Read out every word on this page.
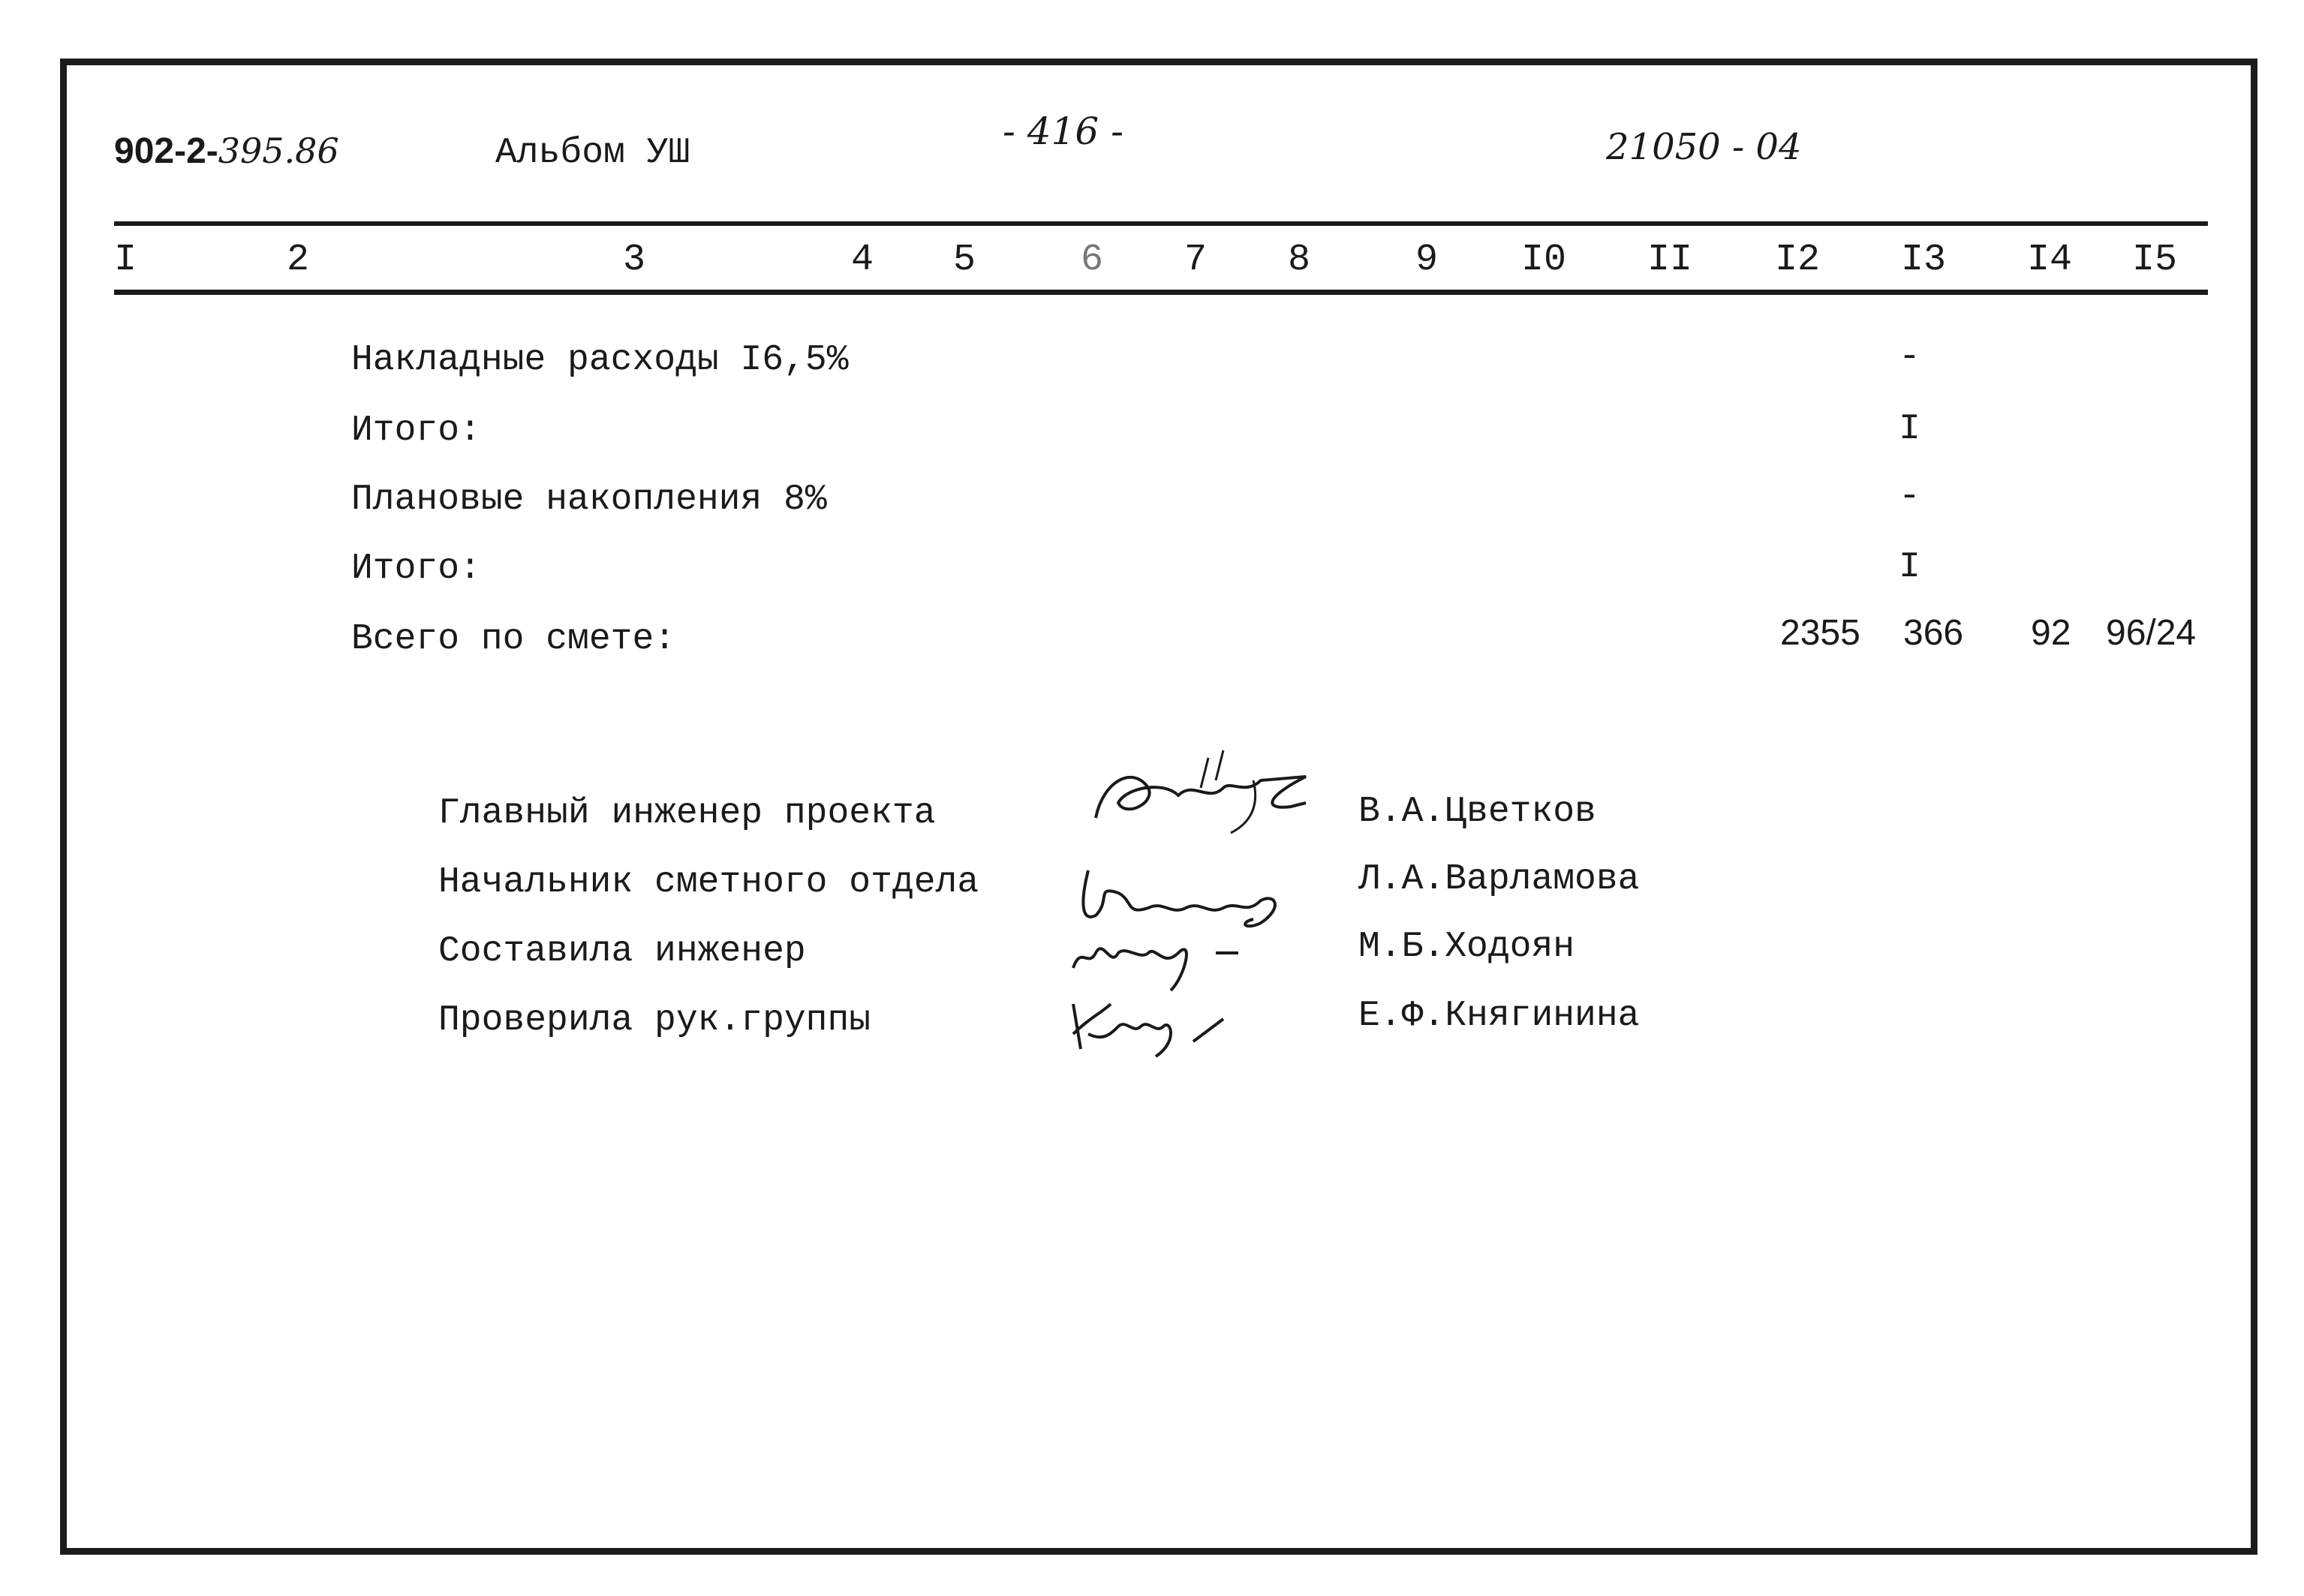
902-2-395.86	Альбом УШ	- 416 -	21050 - 04
I	2	3	4	5	6	7	8	9	I0	II	I2	I3	I4	I5
Накладные расходы I6,5%	-
Итого:	I
Плановые накопления 8%	-
Итого:	I
Всего по смете:	2355 366 92 96/24
Главный инженер проекта	В.А.Цветков
Начальник сметного отдела	Л.А.Варламова
Составила инженер	М.Б.Ходоян
Проверила рук.группы	Е.Ф.Княгинина
